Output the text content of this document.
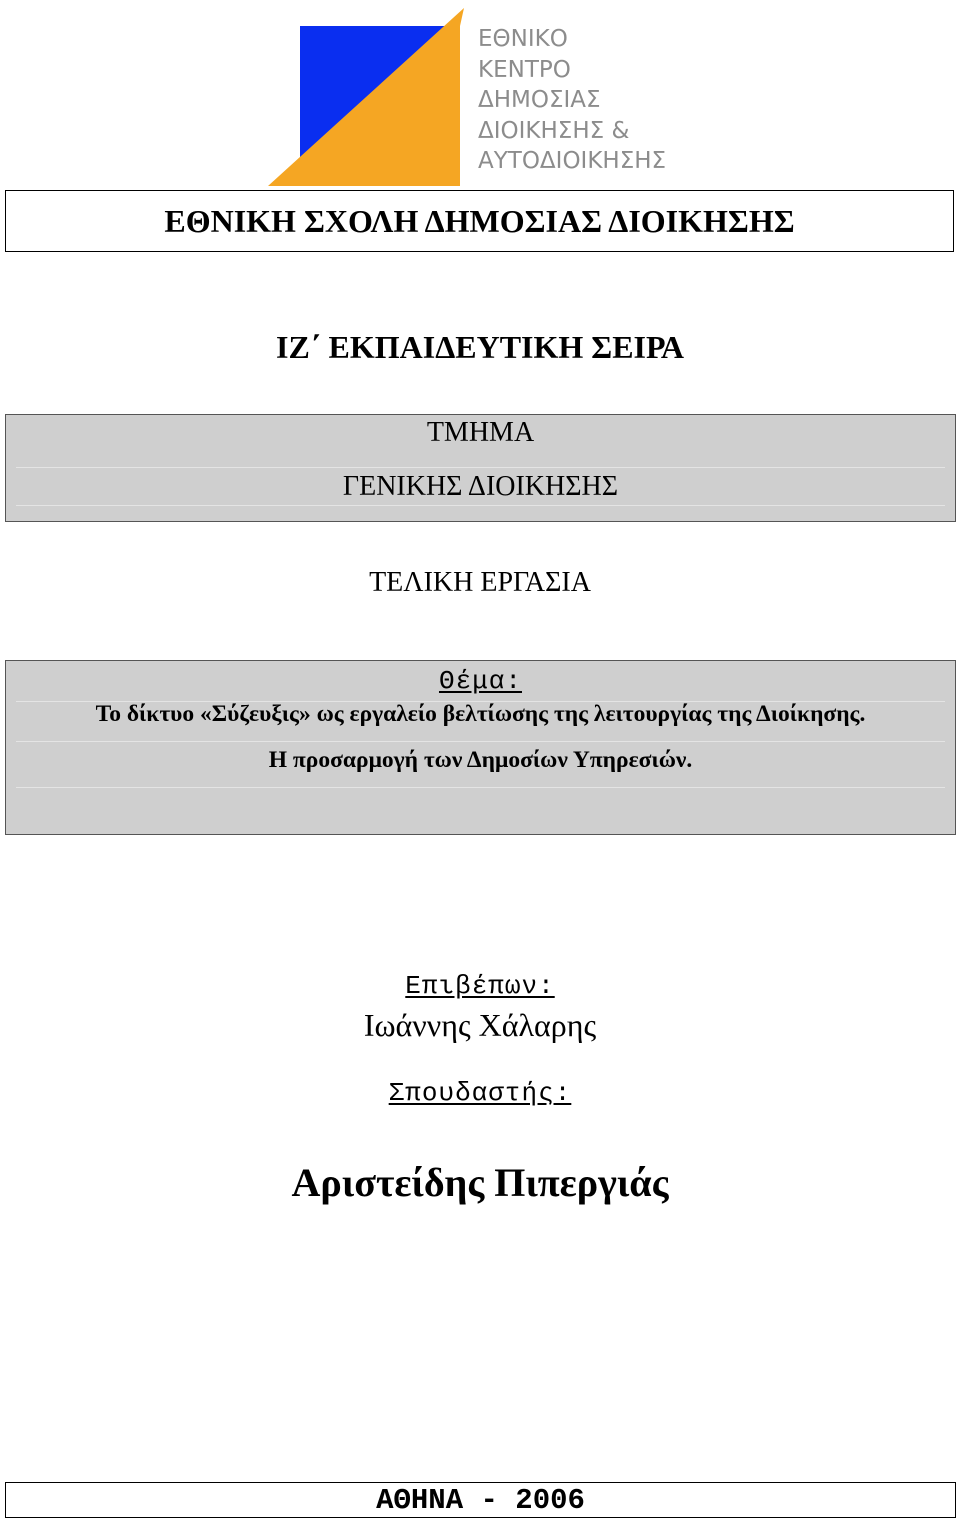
ΕΘΝΙΚΟ
ΚΕΝΤΡΟ
ΔΗΜΟΣΙΑΣ
ΔΙΟΙΚΗΣΗΣ &
ΑΥΤΟΔΙΟΙΚΗΣΗΣ
ΕΘΝΙΚΗ ΣΧΟΛΗ ΔΗΜΟΣΙΑΣ ΔΙΟΙΚΗΣΗΣ
ΙΖ΄ ΕΚΠΑΙΔΕΥΤΙΚΗ ΣΕΙΡΑ
ΤΜΗΜΑ
ΓΕΝΙΚΗΣ ΔΙΟΙΚΗΣΗΣ
ΤΕΛΙΚΗ ΕΡΓΑΣΙΑ
Θέμα:
Το δίκτυο «Σύζευξις» ως εργαλείο βελτίωσης της λειτουργίας της Διοίκησης.
Η προσαρμογή των Δημοσίων Υπηρεσιών.
Επιβέπων:
Ιωάννης Χάλαρης
Σπουδαστής:
Αριστείδης Πιπεργιάς
ΑΘΗΝΑ - 2006
